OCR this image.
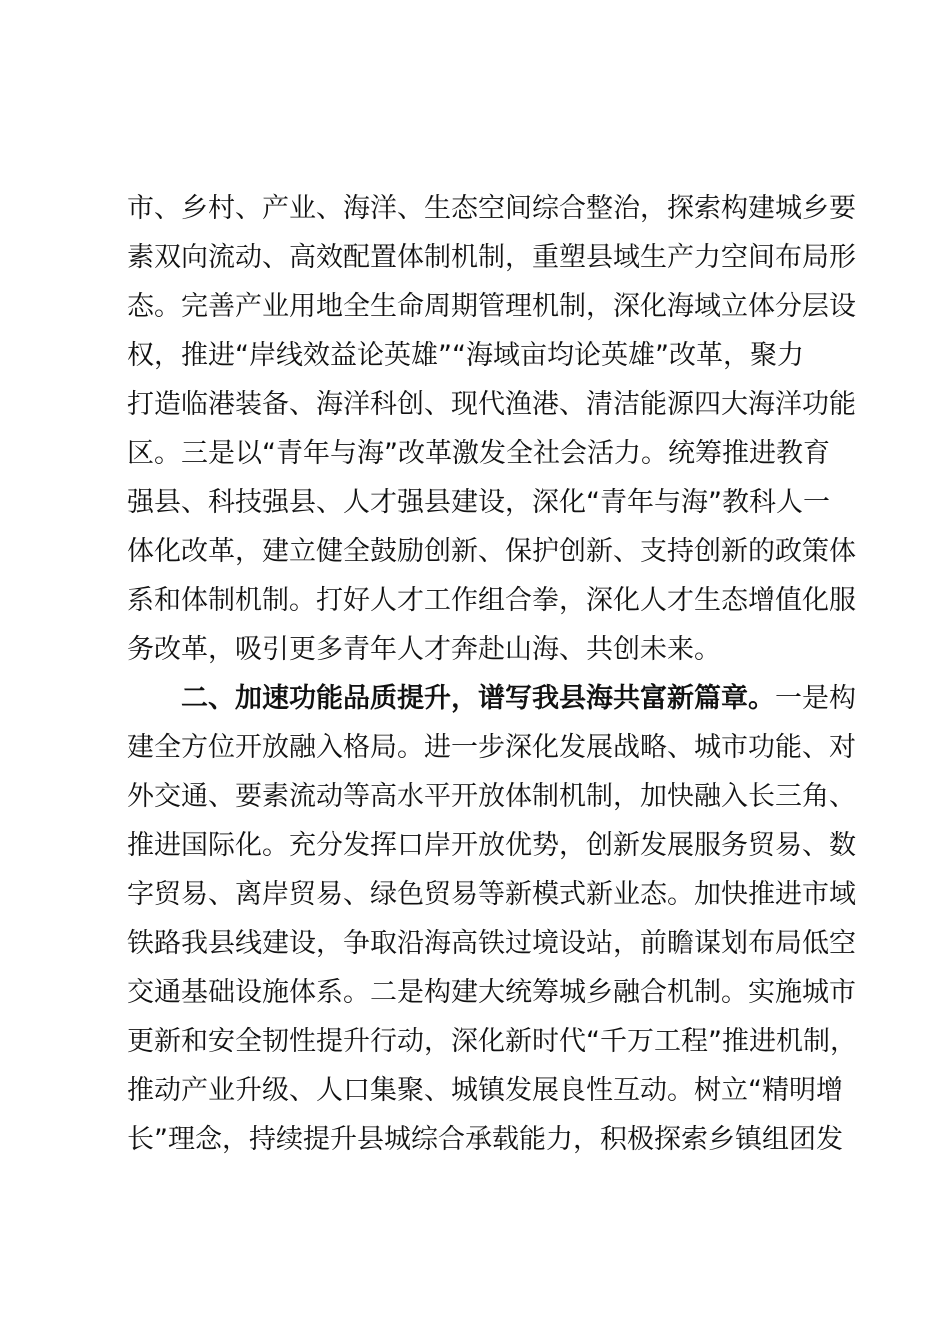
市、乡村、产业、海洋、生态空间综合整治，探索构建城乡要
素双向流动、高效配置体制机制，重塑县域生产力空间布局形
态。完善产业用地全生命周期管理机制，深化海域立体分层设
权，推进“岸线效益论英雄”“海域亩均论英雄”改革，聚力
打造临港装备、海洋科创、现代渔港、清洁能源四大海洋功能
区。三是以“青年与海”改革激发全社会活力。统筹推进教育
强县、科技强县、人才强县建设，深化“青年与海”教科人一
体化改革，建立健全鼓励创新、保护创新、支持创新的政策体
系和体制机制。打好人才工作组合拳，深化人才生态增值化服
务改革，吸引更多青年人才奔赴山海、共创未来。
二、加速功能品质提升，谱写我县海共富新篇章。一是构
建全方位开放融入格局。进一步深化发展战略、城市功能、对
外交通、要素流动等高水平开放体制机制，加快融入长三角、
推进国际化。充分发挥口岸开放优势，创新发展服务贸易、数
字贸易、离岸贸易、绿色贸易等新模式新业态。加快推进市域
铁路我县线建设，争取沿海高铁过境设站，前瞻谋划布局低空
交通基础设施体系。二是构建大统筹城乡融合机制。实施城市
更新和安全韧性提升行动，深化新时代“千万工程”推进机制，
推动产业升级、人口集聚、城镇发展良性互动。树立“精明增
长”理念，持续提升县城综合承载能力，积极探索乡镇组团发
